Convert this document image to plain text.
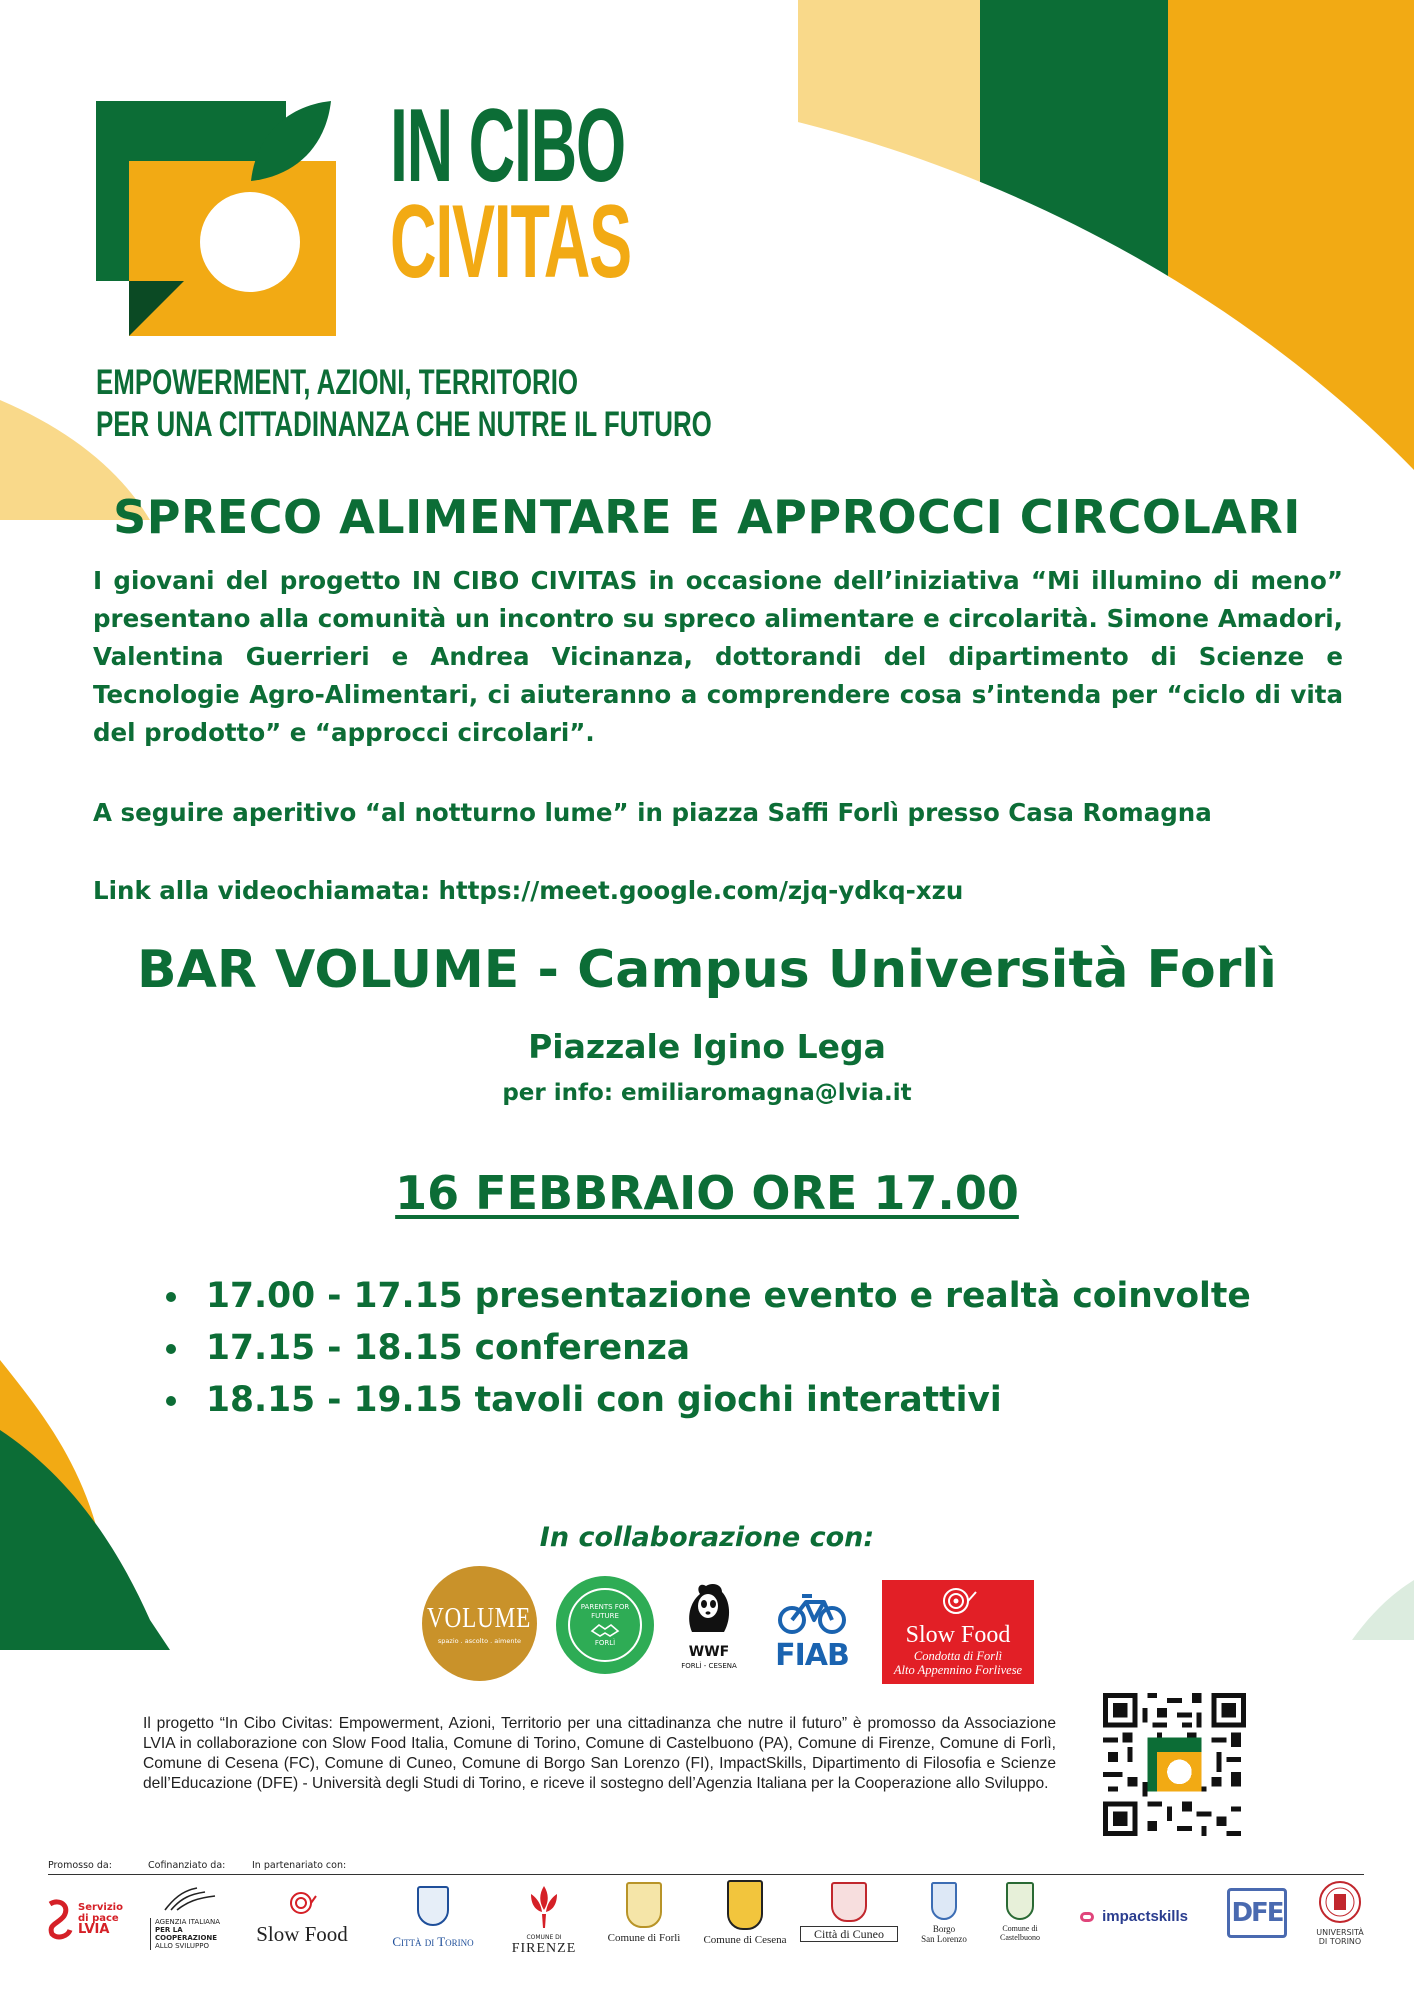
IN CIBO
CIVITAS
EMPOWERMENT, AZIONI, TERRITORIO
PER UNA CITTADINANZA CHE NUTRE IL FUTURO
SPRECO ALIMENTARE E APPROCCI CIRCOLARI

I giovani del progetto IN CIBO CIVITAS in occasione dell’iniziativa “Mi illumino di meno” presentano alla comunità un incontro su spreco alimentare e circolarità. Simone Amadori, Valentina Guerrieri e Andrea Vicinanza, dottorandi del dipartimento di Scienze e Tecnologie Agro-Alimentari, ci aiuteranno a comprendere cosa s’intenda per “ciclo di vita del prodotto” e “approcci circolari”.

A seguire aperitivo “al notturno lume” in piazza Saffi Forlì presso Casa Romagna
Link alla videochiamata: https://meet.google.com/zjq-ydkq-xzu
BAR VOLUME - Campus Università Forlì
Piazzale Igino Lega
per info: emiliaromagna@lvia.it
16 FEBBRAIO ORE 17.00
17.00 - 17.15 presentazione evento e realtà coinvolte
17.15 - 18.15 conferenza
18.15 - 19.15 tavoli con giochi interattivi
In collaborazione con:
VOLUME
spazio . ascolto . aimente
PARENTS FOR FUTURE
FORLÌ
WWF
FORLÌ - CESENA	FIAB
Slow Food
Condotta di Forlì
Alto Appennino Forlivese

Il progetto “In Cibo Civitas: Empowerment, Azioni, Territorio per una cittadinanza che nutre il futuro” è promosso da Associazione LVIA in collaborazione con Slow Food Italia, Comune di Torino, Comune di Castelbuono (PA), Comune di Firenze, Comune di Forlì, Comune di Cesena (FC), Comune di Cuneo, Comune di Borgo San Lorenzo (FI), ImpactSkills, Dipartimento di Filosofia e Scienze dell’Educazione (DFE) - Università degli Studi di Torino, e riceve il sostegno dell’Agenzia Italiana per la Cooperazione allo Sviluppo.

Promosso da:	Cofinanziato da:	In partenariato con:
Servizio
di pace
LVIA	AGENZIA ITALIANA
PER LA COOPERAZIONE
ALLO SVILUPPO	Slow Food	Città di Torino	COMUNE DI
FIRENZE
Comune di Forlì	Comune di Cesena	Città di Cuneo	Borgo
San Lorenzo
Comune di
Castelbuono
impactskills	DFE
UNIVERSITÀ
DI TORINO
